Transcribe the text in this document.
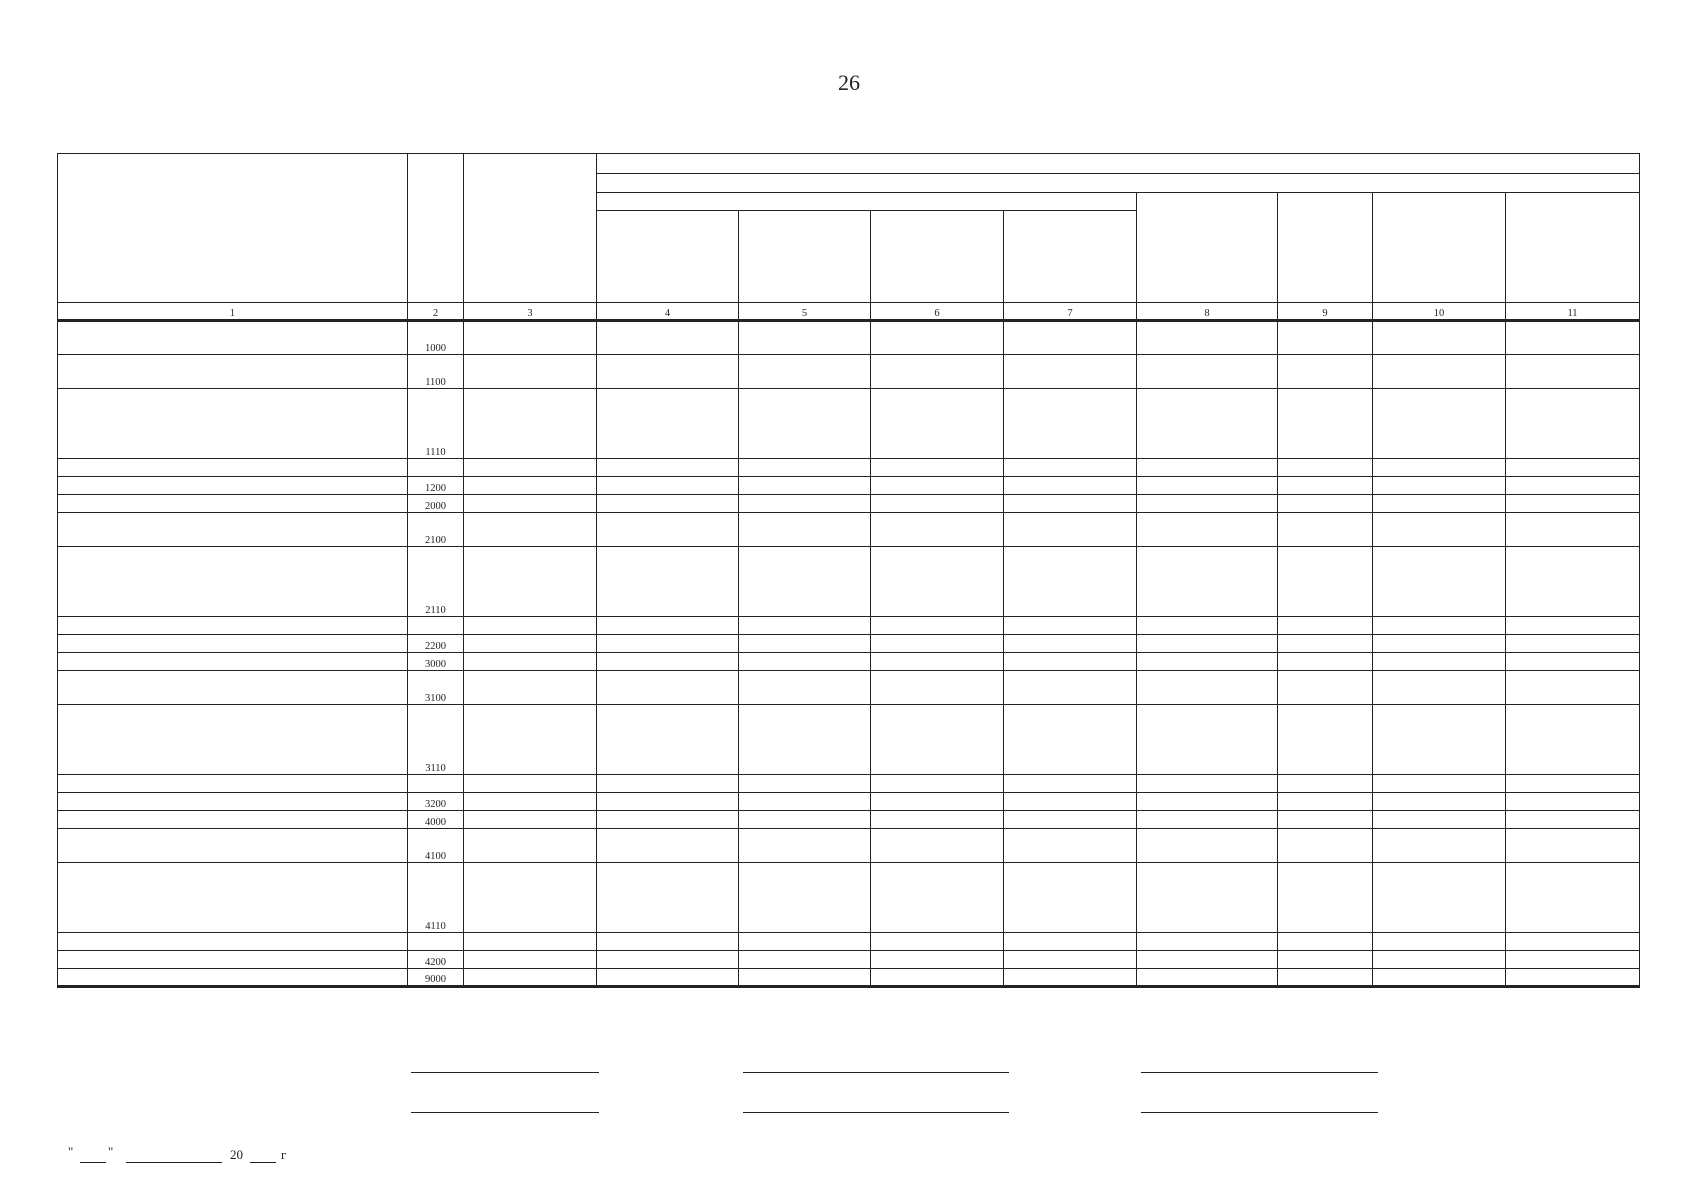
26

1	2	3	4	5	6	7	8	9	10	11
	1000									
	1100									
	1110									

	1200									
	2000									
	2100									
	2110									

	2200									
	3000									
	3100									
	3110									

	3200									
	4000									
	4100									
	4110									

	4200									
	9000									
"	"	20	г
